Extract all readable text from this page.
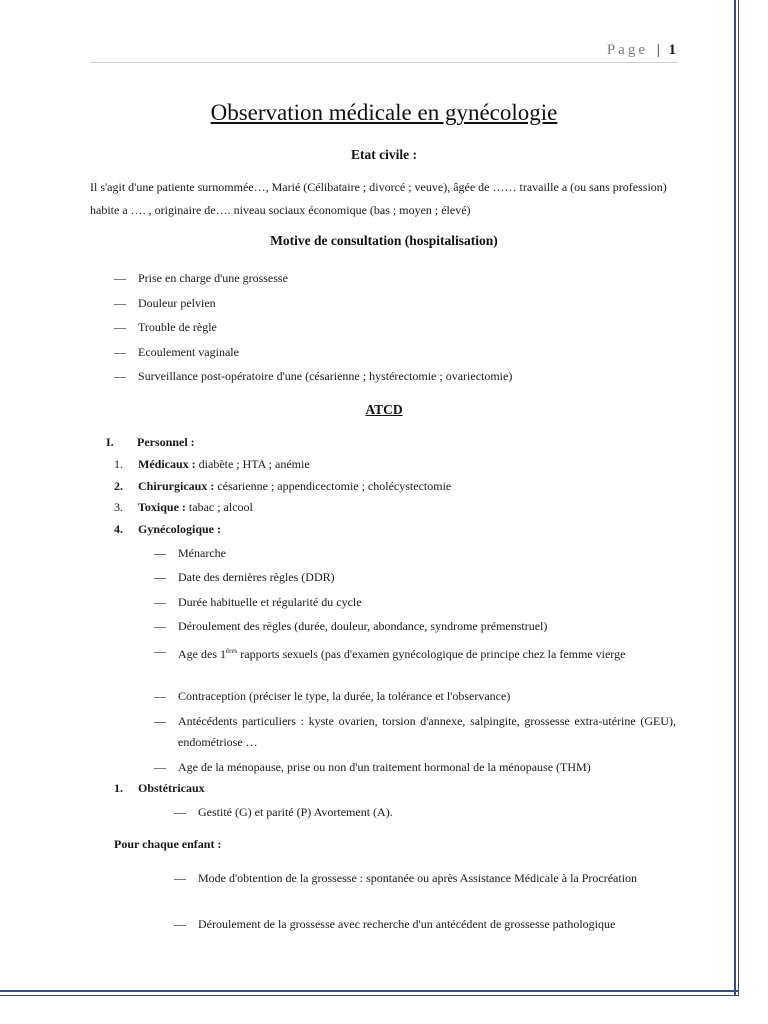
Page | 1
Observation médicale en gynécologie
Etat civile :
Il s'agit d'une patiente surnommée…, Marié (Célibataire ; divorcé ; veuve), âgée de …… travaille a (ou sans profession) habite a …. , originaire de…. niveau sociaux économique (bas ; moyen ; élevé)
Motive de consultation (hospitalisation)
— Prise en charge d'une grossesse
— Douleur pelvien
— Trouble de règle
— Ecoulement vaginale
— Surveillance post-opératoire d'une (césarienne ; hystérectomie ; ovariectomie)
ATCD
I. Personnel :
1. Médicaux : diabète ; HTA ; anémie
2. Chirurgicaux : césarienne ; appendicectomie ; cholécystectomie
3. Toxique : tabac ; alcool
4. Gynécologique :
— Ménarche
— Date des dernières règles (DDR)
— Durée habituelle et régularité du cycle
— Déroulement des règles (durée, douleur, abondance, syndrome prémenstruel)
— Age des $1^{éres}$ rapports sexuels (pas d'examen gynécologique de principe chez la femme vierge
— Contraception (préciser le type, la durée, la tolérance et l'observance)
— Antécédents particuliers : kyste ovarien, torsion d'annexe, salpingite, grossesse extra-utérine (GEU), endométriose …
— Age de la ménopause, prise ou non d'un traitement hormonal de la ménopause (THM)
1. Obstétricaux
— Gestité (G) et parité (P) Avortement (A).
Pour chaque enfant :
— Mode d'obtention de la grossesse : spontanée ou après Assistance Médicale à la Procréation
— Déroulement de la grossesse avec recherche d'un antécédent de grossesse pathologique
